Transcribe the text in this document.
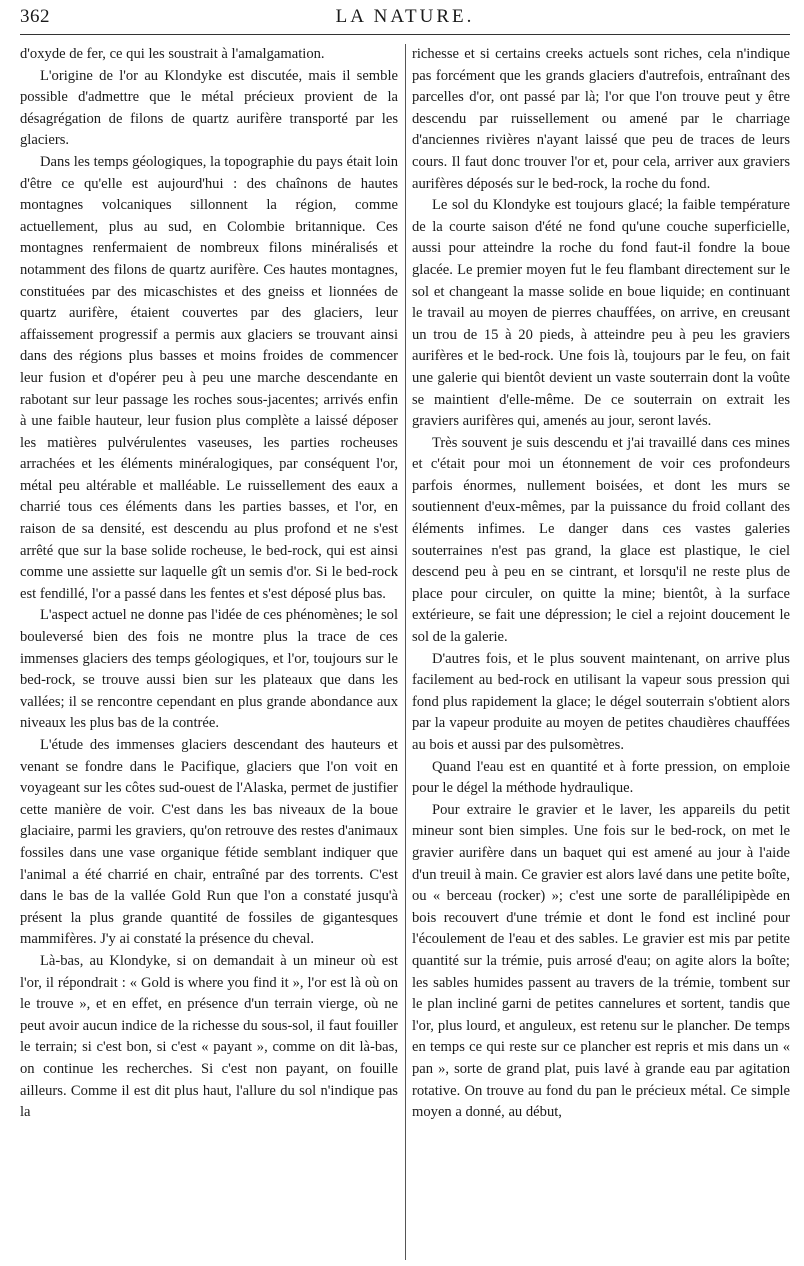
362	LA NATURE.

d'oxyde de fer, ce qui les soustrait à l'amalgamation.

L'origine de l'or au Klondyke est discutée, mais il semble possible d'admettre que le métal précieux provient de la désagrégation de filons de quartz aurifère transporté par les glaciers.

Dans les temps géologiques, la topographie du pays était loin d'être ce qu'elle est aujourd'hui : des chaînons de hautes montagnes volcaniques sillonnent la région, comme actuellement, plus au sud, en Colombie britannique. Ces montagnes renfermaient de nombreux filons minéralisés et notamment des filons de quartz aurifère. Ces hautes montagnes, constituées par des micaschistes et des gneiss et lionnées de quartz aurifère, étaient couvertes par des glaciers, leur affaissement progressif a permis aux glaciers se trouvant ainsi dans des régions plus basses et moins froides de commencer leur fusion et d'opérer peu à peu une marche descendante en rabotant sur leur passage les roches sous-jacentes; arrivés enfin à une faible hauteur, leur fusion plus complète a laissé déposer les matières pulvérulentes vaseuses, les parties rocheuses arrachées et les éléments minéralogiques, par conséquent l'or, métal peu altérable et malléable. Le ruissellement des eaux a charrié tous ces éléments dans les parties basses, et l'or, en raison de sa densité, est descendu au plus profond et ne s'est arrêté que sur la base solide rocheuse, le bed-rock, qui est ainsi comme une assiette sur laquelle gît un semis d'or. Si le bed-rock est fendillé, l'or a passé dans les fentes et s'est déposé plus bas.

L'aspect actuel ne donne pas l'idée de ces phénomènes; le sol bouleversé bien des fois ne montre plus la trace de ces immenses glaciers des temps géologiques, et l'or, toujours sur le bed-rock, se trouve aussi bien sur les plateaux que dans les vallées; il se rencontre cependant en plus grande abondance aux niveaux les plus bas de la contrée.

L'étude des immenses glaciers descendant des hauteurs et venant se fondre dans le Pacifique, glaciers que l'on voit en voyageant sur les côtes sud-ouest de l'Alaska, permet de justifier cette manière de voir. C'est dans les bas niveaux de la boue glaciaire, parmi les graviers, qu'on retrouve des restes d'animaux fossiles dans une vase organique fétide semblant indiquer que l'animal a été charrié en chair, entraîné par des torrents. C'est dans le bas de la vallée Gold Run que l'on a constaté jusqu'à présent la plus grande quantité de fossiles de gigantesques mammifères. J'y ai constaté la présence du cheval.

Là-bas, au Klondyke, si on demandait à un mineur où est l'or, il répondrait : « Gold is where you find it », l'or est là où on le trouve », et en effet, en présence d'un terrain vierge, où ne peut avoir aucun indice de la richesse du sous-sol, il faut fouiller le terrain; si c'est bon, si c'est « payant », comme on dit là-bas, on continue les recherches. Si c'est non payant, on fouille ailleurs. Comme il est dit plus haut, l'allure du sol n'indique pas la

richesse et si certains creeks actuels sont riches, cela n'indique pas forcément que les grands glaciers d'autrefois, entraînant des parcelles d'or, ont passé par là; l'or que l'on trouve peut y être descendu par ruissellement ou amené par le charriage d'anciennes rivières n'ayant laissé que peu de traces de leurs cours. Il faut donc trouver l'or et, pour cela, arriver aux graviers aurifères déposés sur le bed-rock, la roche du fond.

Le sol du Klondyke est toujours glacé; la faible température de la courte saison d'été ne fond qu'une couche superficielle, aussi pour atteindre la roche du fond faut-il fondre la boue glacée. Le premier moyen fut le feu flambant directement sur le sol et changeant la masse solide en boue liquide; en continuant le travail au moyen de pierres chauffées, on arrive, en creusant un trou de 15 à 20 pieds, à atteindre peu à peu les graviers aurifères et le bed-rock. Une fois là, toujours par le feu, on fait une galerie qui bientôt devient un vaste souterrain dont la voûte se maintient d'elle-même. De ce souterrain on extrait les graviers aurifères qui, amenés au jour, seront lavés.

Très souvent je suis descendu et j'ai travaillé dans ces mines et c'était pour moi un étonnement de voir ces profondeurs parfois énormes, nullement boisées, et dont les murs se soutiennent d'eux-mêmes, par la puissance du froid collant des éléments infimes. Le danger dans ces vastes galeries souterraines n'est pas grand, la glace est plastique, le ciel descend peu à peu en se cintrant, et lorsqu'il ne reste plus de place pour circuler, on quitte la mine; bientôt, à la surface extérieure, se fait une dépression; le ciel a rejoint doucement le sol de la galerie.

D'autres fois, et le plus souvent maintenant, on arrive plus facilement au bed-rock en utilisant la vapeur sous pression qui fond plus rapidement la glace; le dégel souterrain s'obtient alors par la vapeur produite au moyen de petites chaudières chauffées au bois et aussi par des pulsomètres.

Quand l'eau est en quantité et à forte pression, on emploie pour le dégel la méthode hydraulique.

Pour extraire le gravier et le laver, les appareils du petit mineur sont bien simples. Une fois sur le bed-rock, on met le gravier aurifère dans un baquet qui est amené au jour à l'aide d'un treuil à main. Ce gravier est alors lavé dans une petite boîte, ou « berceau (rocker) »; c'est une sorte de parallélipipède en bois recouvert d'une trémie et dont le fond est incliné pour l'écoulement de l'eau et des sables. Le gravier est mis par petite quantité sur la trémie, puis arrosé d'eau; on agite alors la boîte; les sables humides passent au travers de la trémie, tombent sur le plan incliné garni de petites cannelures et sortent, tandis que l'or, plus lourd, et anguleux, est retenu sur le plancher. De temps en temps ce qui reste sur ce plancher est repris et mis dans un « pan », sorte de grand plat, puis lavé à grande eau par agitation rotative. On trouve au fond du pan le précieux métal. Ce simple moyen a donné, au début,
